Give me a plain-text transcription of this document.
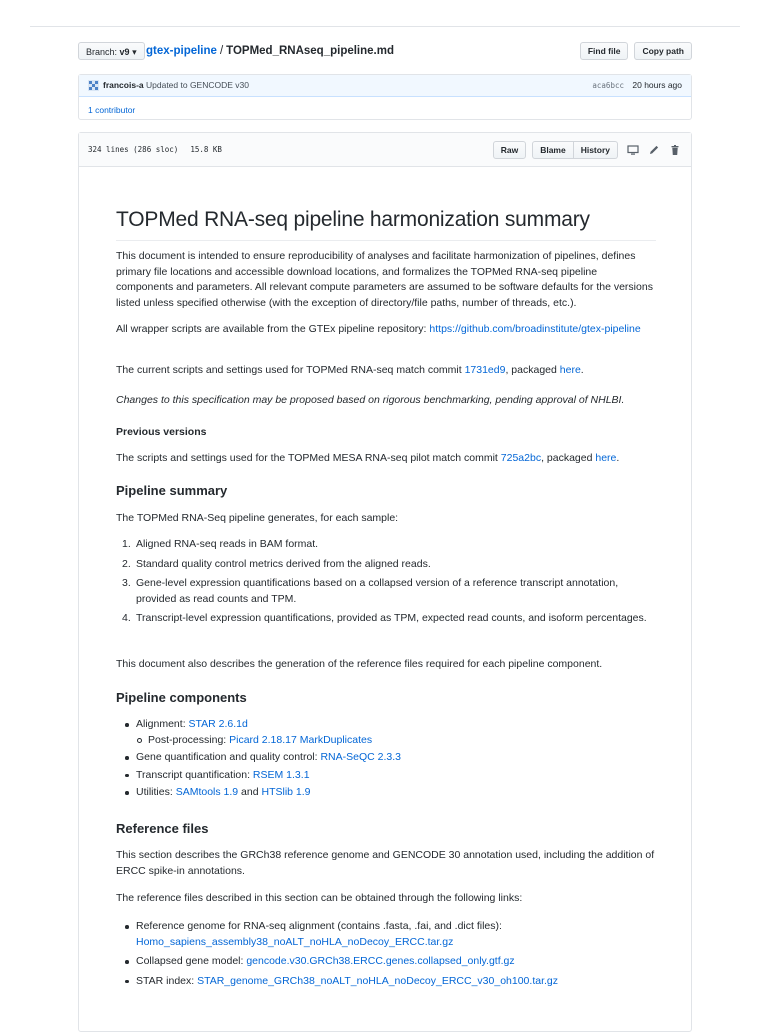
Branch: v9 ▾ gtex-pipeline / TOPMed_RNAseq_pipeline.md	Find file	Copy path
francois-a Updated to GENCODE v30	aca6bcc 20 hours ago
1 contributor
324 lines (286 sloc) 15.8 KB	Raw	Blame	History
TOPMed RNA-seq pipeline harmonization summary

This document is intended to ensure reproducibility of analyses and facilitate harmonization of pipelines, defines primary file locations and accessible download locations, and formalizes the TOPMed RNA-seq pipeline components and parameters. All relevant compute parameters are assumed to be software defaults for the versions listed unless specified otherwise (with the exception of directory/file paths, number of threads, etc.).

All wrapper scripts are available from the GTEx pipeline repository: https://github.com/broadinstitute/gtex-pipeline

The current scripts and settings used for TOPMed RNA-seq match commit 1731ed9, packaged here.

Changes to this specification may be proposed based on rigorous benchmarking, pending approval of NHLBI.

Previous versions

The scripts and settings used for the TOPMed MESA RNA-seq pilot match commit 725a2bc, packaged here.

Pipeline summary

The TOPMed RNA-Seq pipeline generates, for each sample:

1. Aligned RNA-seq reads in BAM format.
2. Standard quality control metrics derived from the aligned reads.
3. Gene-level expression quantifications based on a collapsed version of a reference transcript annotation, provided as read counts and TPM.
4. Transcript-level expression quantifications, provided as TPM, expected read counts, and isoform percentages.

This document also describes the generation of the reference files required for each pipeline component.

Pipeline components
Alignment: STAR 2.6.1d
Post-processing: Picard 2.18.17 MarkDuplicates
Gene quantification and quality control: RNA-SeQC 2.3.3
Transcript quantification: RSEM 1.3.1
Utilities: SAMtools 1.9 and HTSlib 1.9
Reference files

This section describes the GRCh38 reference genome and GENCODE 30 annotation used, including the addition of ERCC spike-in annotations.

The reference files described in this section can be obtained through the following links:

Reference genome for RNA-seq alignment (contains .fasta, .fai, and .dict files):
Homo_sapiens_assembly38_noALT_noHLA_noDecoy_ERCC.tar.gz
Collapsed gene model: gencode.v30.GRCh38.ERCC.genes.collapsed_only.gtf.gz
STAR index: STAR_genome_GRCh38_noALT_noHLA_noDecoy_ERCC_v30_oh100.tar.gz
